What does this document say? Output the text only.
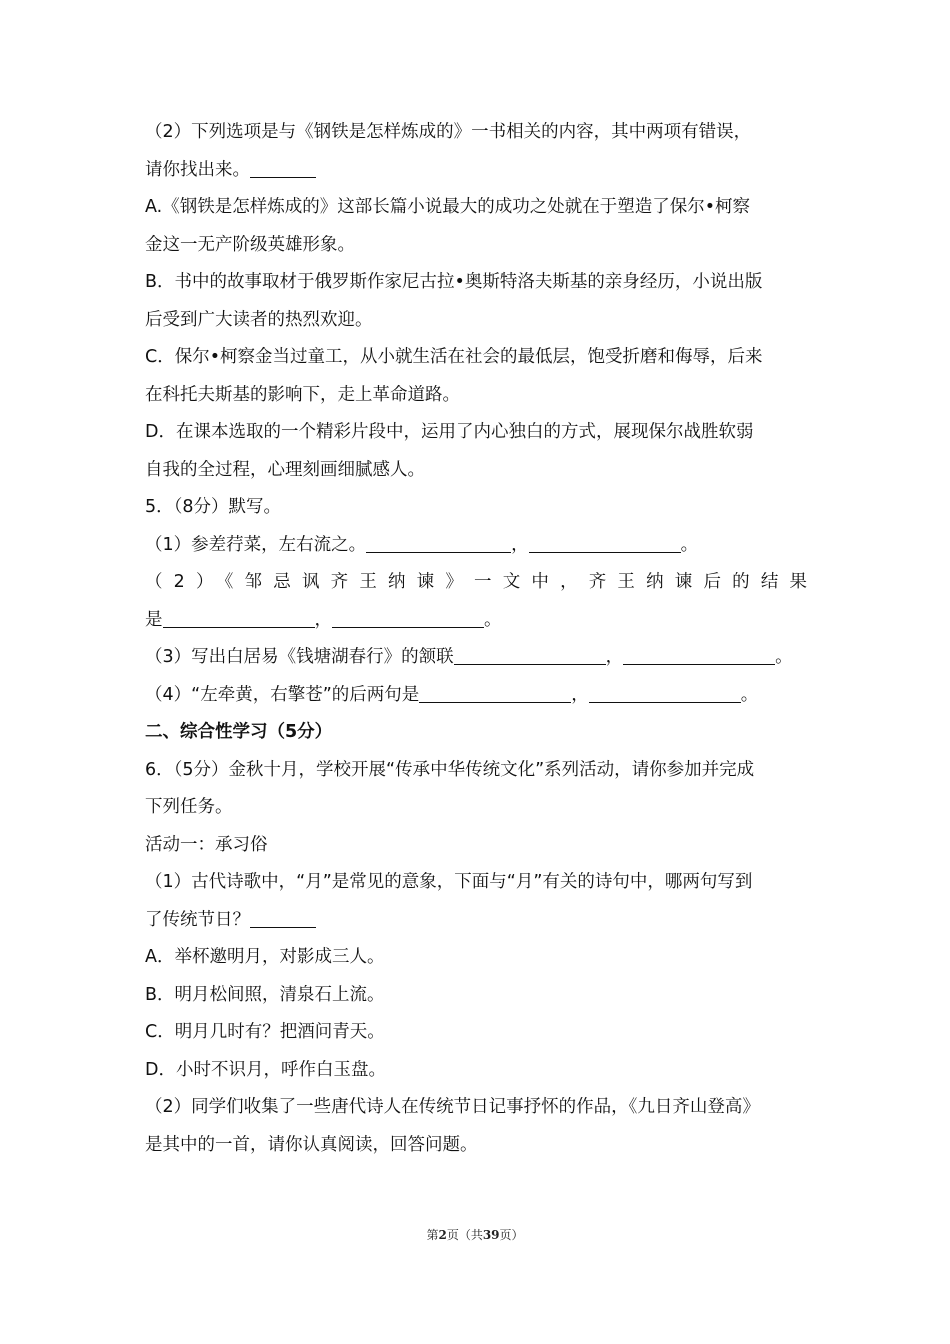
（2）下列选项是与《钢铁是怎样炼成的》一书相关的内容，其中两项有错误，
请你找出来。
A.《钢铁是怎样炼成的》这部长篇小说最大的成功之处就在于塑造了保尔•柯察
金这一无产阶级英雄形象。
B．书中的故事取材于俄罗斯作家尼古拉•奥斯特洛夫斯基的亲身经历，小说出版
后受到广大读者的热烈欢迎。
C．保尔•柯察金当过童工，从小就生活在社会的最低层，饱受折磨和侮辱，后来
在科托夫斯基的影响下，走上革命道路。
D．在课本选取的一个精彩片段中，运用了内心独白的方式，展现保尔战胜软弱
自我的全过程，心理刻画细腻感人。
5．（8分）默写。
（1）参差荇菜，左右流之。	，	。
（2）《邹忌讽齐王纳谏》一文中，齐王纳谏后的结果
是	，	。
（3）写出白居易《钱塘湖春行》的颔联	，	。
（4）“左牵黄，右擎苍”的后两句是	，	。
二、综合性学习（5分）
6．（5分）金秋十月，学校开展“传承中华传统文化”系列活动，请你参加并完成
下列任务。
活动一：承习俗
（1）古代诗歌中，“月”是常见的意象，下面与“月”有关的诗句中，哪两句写到
了传统节日？
A．举杯邀明月，对影成三人。
B．明月松间照，清泉石上流。
C．明月几时有？把酒问青天。
D．小时不识月，呼作白玉盘。
（2）同学们收集了一些唐代诗人在传统节日记事抒怀的作品，《九日齐山登高》
是其中的一首，请你认真阅读，回答问题。
第2页（共39页）
